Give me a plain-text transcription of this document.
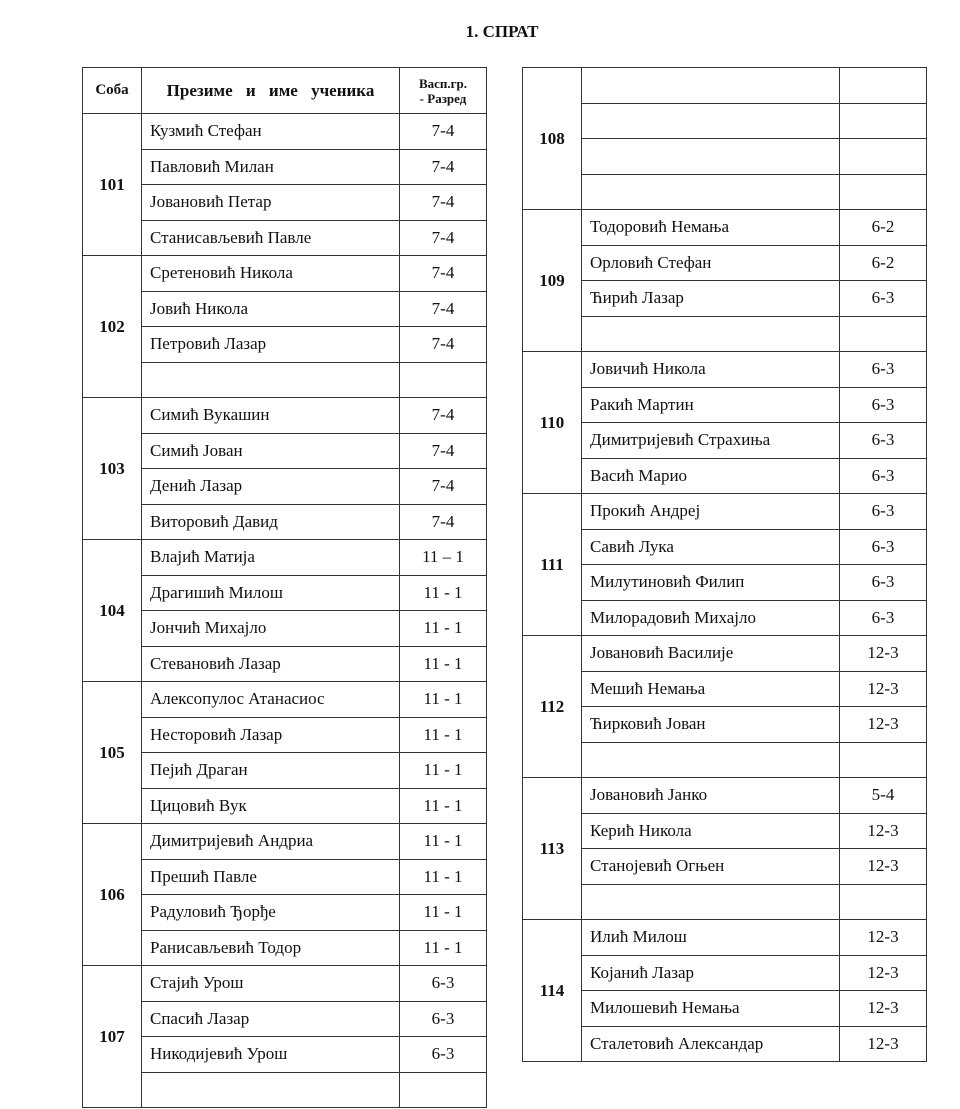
1. СПРАТ
Соба	Презиме и име ученика	Васп.гр.
- Разред
101	Кузмић Стефан	7-4
	Павловић Милан	7-4
	Јовановић Петар	7-4
	Станисављевић Павле	7-4
102	Сретеновић Никола	7-4
	Јовић Никола	7-4
	Петровић Лазар	7-4

103	Симић Вукашин	7-4
	Симић Јован	7-4
	Денић Лазар	7-4
	Виторовић Давид	7-4
104	Влајић Матија	11 – 1
	Драгишић Милош	11 - 1
	Јончић Михајло	11 - 1
	Стевановић Лазар	11 - 1
105	Алексопулос Атанасиос	11 - 1
	Несторовић Лазар	11 - 1
	Пејић Драган	11 - 1
	Цицовић Вук	11 - 1
106	Димитријевић Андриа	11 - 1
	Прешић Павле	11 - 1
	Радуловић Ђорђе	11 - 1
	Ранисављевић Тодор	11 - 1
107	Стајић Урош	6-3
	Спасић Лазар	6-3
	Никодијевић Урош	6-3

108		

109	Тодоровић Немања	6-2
	Орловић Стефан	6-2
	Ћирић Лазар	6-3

110	Јовичић Никола	6-3
	Ракић Мартин	6-3
	Димитријевић Страхиња	6-3
	Васић Марио	6-3
111	Прокић Андреј	6-3
	Савић Лука	6-3
	Милутиновић Филип	6-3
	Милорадовић Михајло	6-3
112	Јовановић Василије	12-3
	Мешић Немања	12-3
	Ћирковић Јован	12-3

113	Јовановић Јанко	5-4
	Керић Никола	12-3
	Станојевић Огњен	12-3

114	Илић Милош	12-3
	Којанић Лазар	12-3
	Милошевић Немања	12-3
	Сталетовић Александар	12-3
